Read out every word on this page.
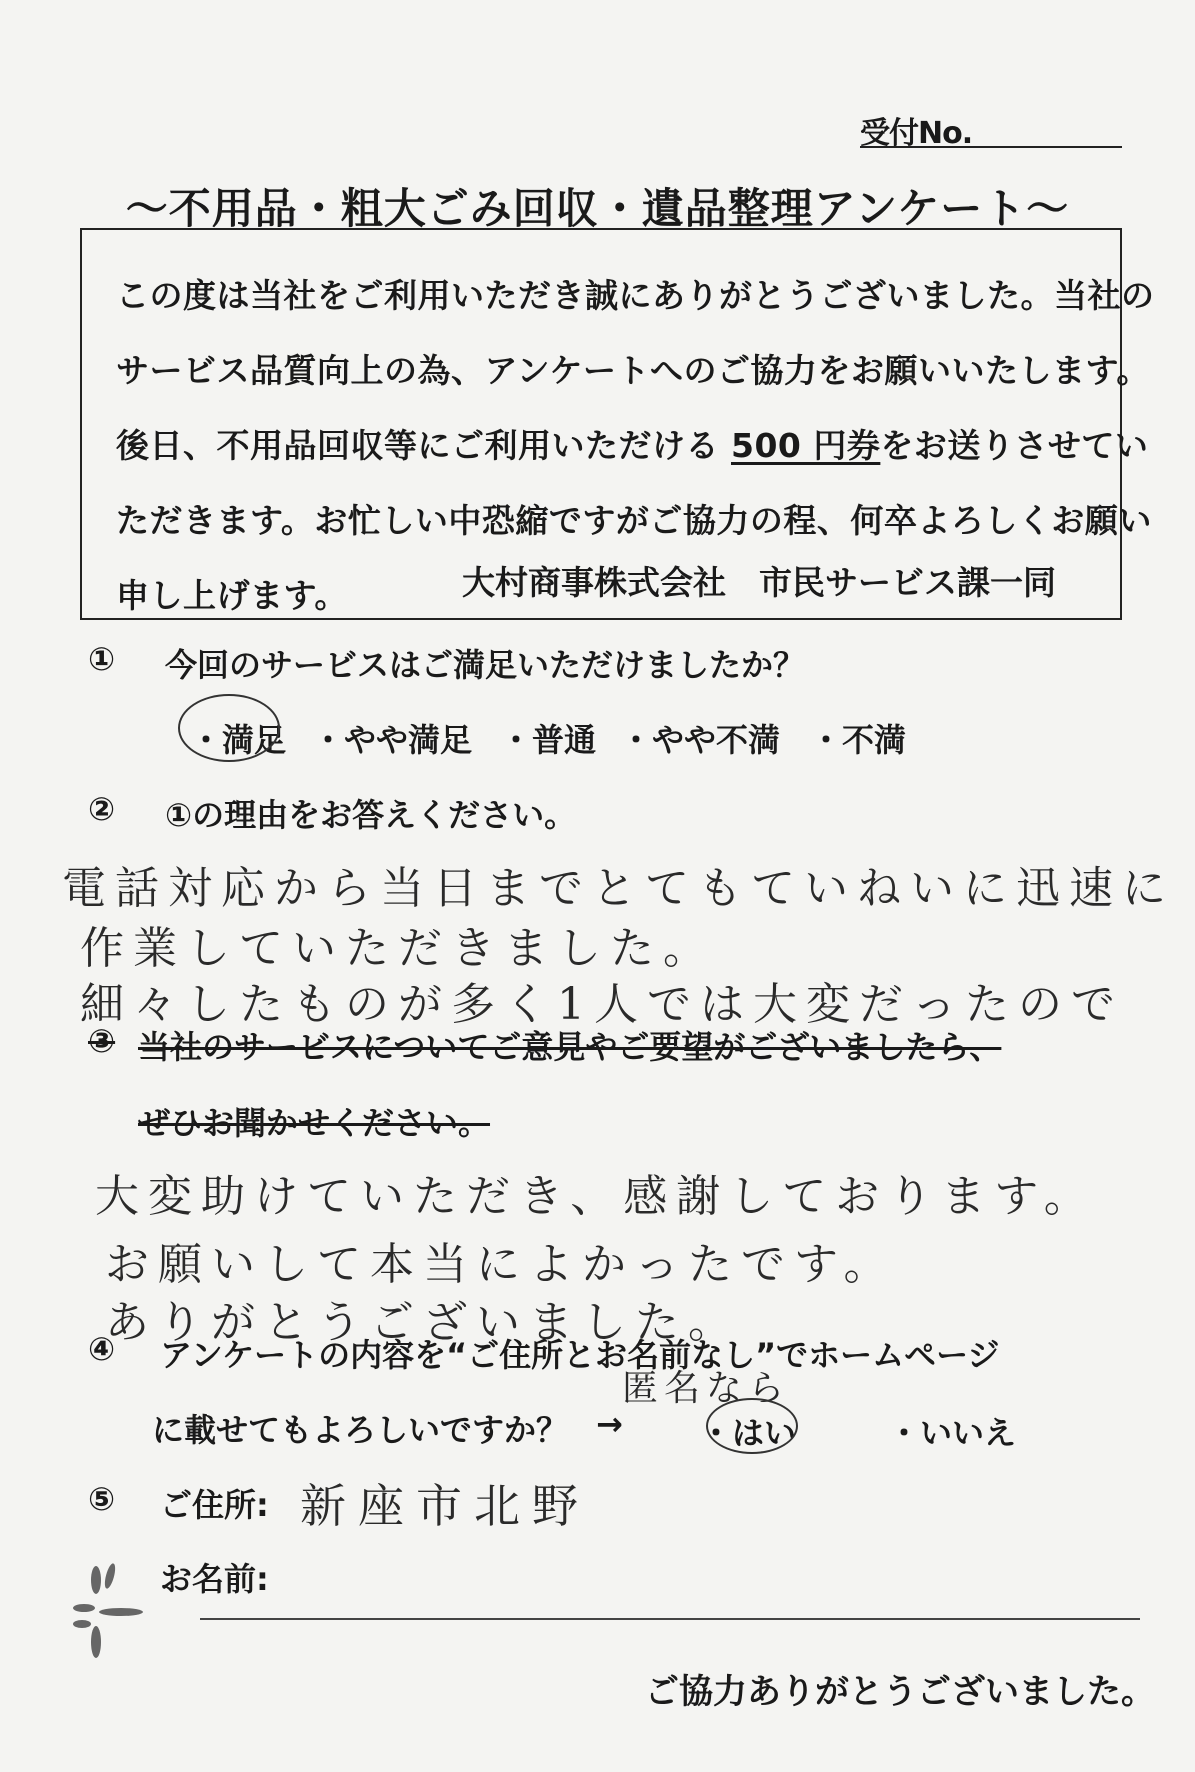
受付No.
～不用品・粗大ごみ回収・遺品整理アンケート～
この度は当社をご利用いただき誠にありがとうございました。当社の
サービス品質向上の為、アンケートへのご協力をお願いいたします。
後日、不用品回収等にご利用いただける 500 円券をお送りさせてい
ただきます。お忙しい中恐縮ですがご協力の程、何卒よろしくお願い
申し上げます。	大村商事株式会社　市民サービス課一同
① 今回のサービスはご満足いただけましたか？
・満足 ・やや満足 ・普通 ・やや不満 ・不満
② ①の理由をお答えください。
電話対応から当日までとてもていねいに迅速に
作業していただきました。
細々したものが多く1人では大変だったので
③ 当社のサービスについてご意見やご要望がございましたら、
ぜひお聞かせください。
大変助けていただき、感謝しております。
お願いして本当によかったです。
ありがとうございました。
④ アンケートの内容を“ご住所とお名前なし”でホームページ
に載せてもよろしいですか？ →
匿名なら
・はい	・いいえ
⑤ ご住所: 新座市北野
お名前:
ご協力ありがとうございました。
